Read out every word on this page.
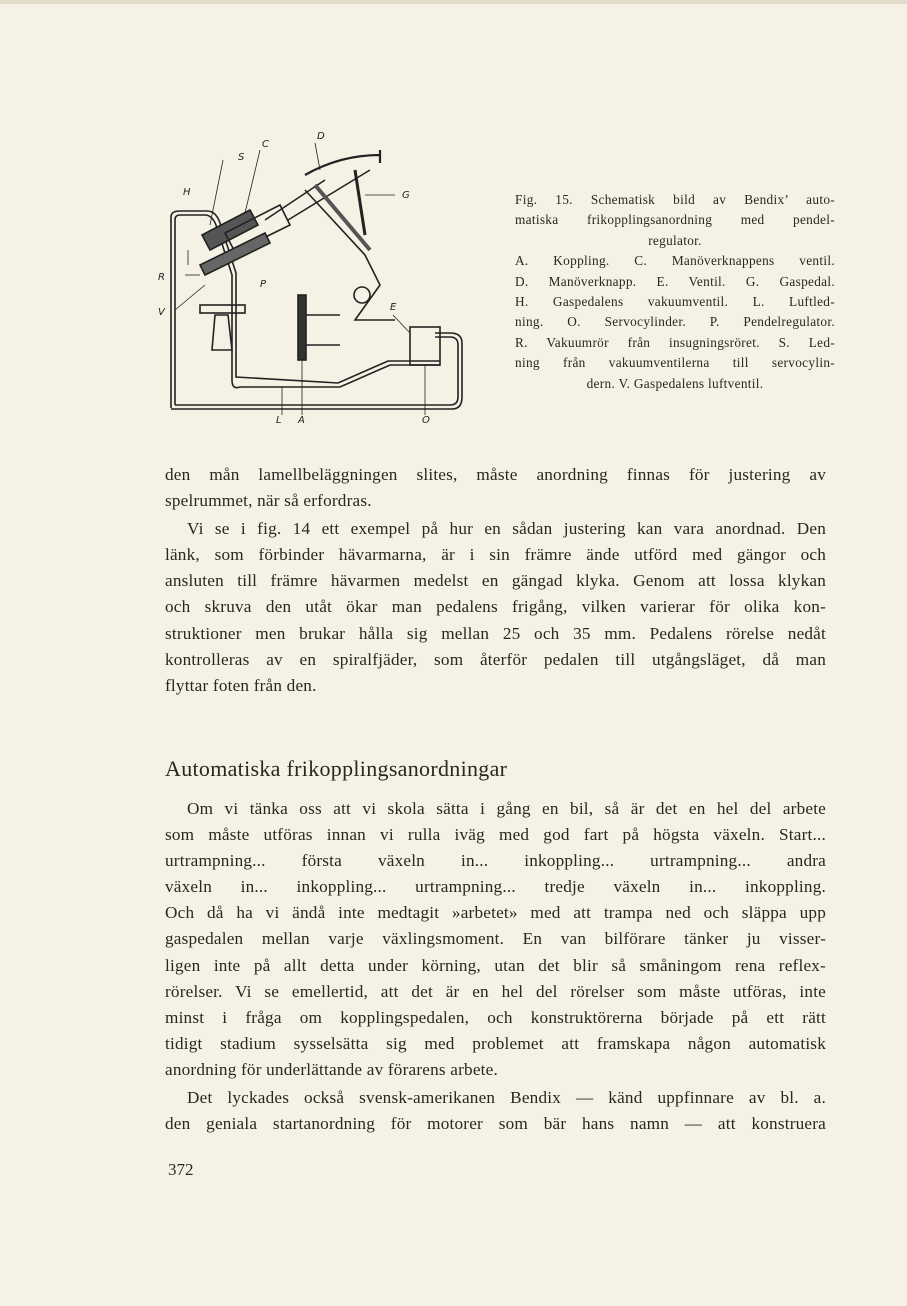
S
C
D
H	G
R
P
V	E
L A	O
Fig. 15. Schematisk bild av Bendix’ auto-
matiska frikopplingsanordning med pendel-
regulator.
A. Koppling. C. Manöverknappens ventil.
D. Manöverknapp. E. Ventil. G. Gaspedal.
H. Gaspedalens vakuumventil. L. Luftled-
ning. O. Servocylinder. P. Pendelregulator.
R. Vakuumrör från insugningsröret. S. Led-
ning från vakuumventilerna till servocylin-
dern. V. Gaspedalens luftventil.
den mån lamellbeläggningen slites, måste anordning finnas för justering av
spelrummet, när så erfordras.
Vi se i fig. 14 ett exempel på hur en sådan justering kan vara anordnad. Den
länk, som förbinder hävarmarna, är i sin främre ände utförd med gängor och
ansluten till främre hävarmen medelst en gängad klyka. Genom att lossa klykan
och skruva den utåt ökar man pedalens frigång, vilken varierar för olika kon-
struktioner men brukar hålla sig mellan 25 och 35 mm. Pedalens rörelse nedåt
kontrolleras av en spiralfjäder, som återför pedalen till utgångsläget, då man
flyttar foten från den.
Automatiska frikopplingsanordningar
Om vi tänka oss att vi skola sätta i gång en bil, så är det en hel del arbete
som måste utföras innan vi rulla iväg med god fart på högsta växeln. Start...
urtrampning... första växeln in... inkoppling... urtrampning... andra
växeln in... inkoppling... urtrampning... tredje växeln in... inkoppling.
Och då ha vi ändå inte medtagit »arbetet» med att trampa ned och släppa upp
gaspedalen mellan varje växlingsmoment. En van bilförare tänker ju visser-
ligen inte på allt detta under körning, utan det blir så småningom rena reflex-
rörelser. Vi se emellertid, att det är en hel del rörelser som måste utföras, inte
minst i fråga om kopplingspedalen, och konstruktörerna började på ett rätt
tidigt stadium sysselsätta sig med problemet att framskapa någon automatisk
anordning för underlättande av förarens arbete.
Det lyckades också svensk-amerikanen Bendix — känd uppfinnare av bl. a.
den geniala startanordning för motorer som bär hans namn — att konstruera
372
